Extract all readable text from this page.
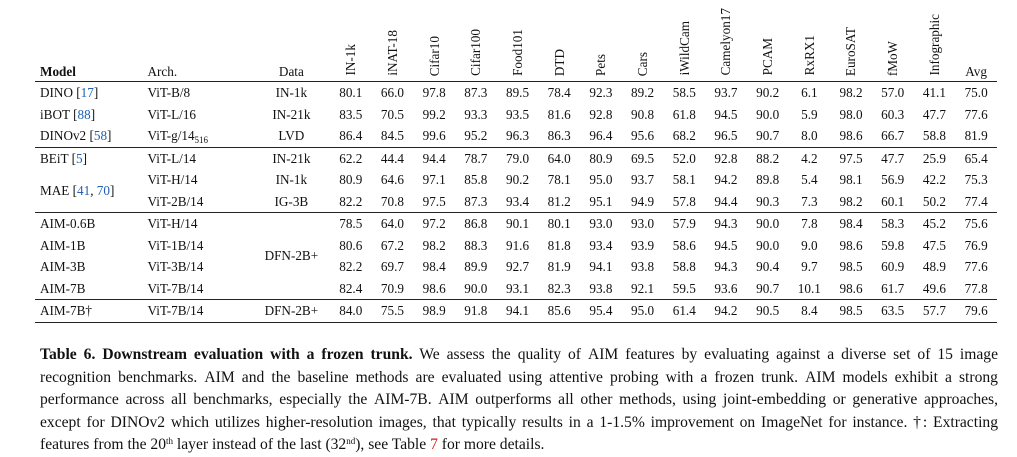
Model	Arch.	Data	IN-1k	iNAT-18	Cifar10	Cifar100	Food101	DTD	Pets	Cars	iWildCam	Camelyon17	PCAM	RxRX1	EuroSAT	fMoW	Infographic	Avg
DINO [17]	ViT-B/8	IN-1k	80.1	66.0	97.8	87.3	89.5	78.4	92.3	89.2	58.5	93.7	90.2	6.1	98.2	57.0	41.1	75.0
iBOT [88]	ViT-L/16	IN-21k	83.5	70.5	99.2	93.3	93.5	81.6	92.8	90.8	61.8	94.5	90.0	5.9	98.0	60.3	47.7	77.6
DINOv2 [58]	ViT-$g/14_{516}$	LVD	86.4	84.5	99.6	95.2	96.3	86.3	96.4	95.6	68.2	96.5	90.7	8.0	98.6	66.7	58.8	81.9
BEiT [5]	ViT-L/14	IN-21k	62.2	44.4	94.4	78.7	79.0	64.0	80.9	69.5	52.0	92.8	88.2	4.2	97.5	47.7	25.9	65.4
MAE [41, 70]	ViT-H/14	IN-1k	80.9	64.6	97.1	85.8	90.2	78.1	95.0	93.7	58.1	94.2	89.8	5.4	98.1	56.9	42.2	75.3
	ViT-2B/14	IG-3B	82.2	70.8	97.5	87.3	93.4	81.2	95.1	94.9	57.8	94.4	90.3	7.3	98.2	60.1	50.2	77.4
AIM-0.6B	ViT-H/14	DFN-2B+	78.5	64.0	97.2	86.8	90.1	80.1	93.0	93.0	57.9	94.3	90.0	7.8	98.4	58.3	45.2	75.6
AIM-1B	ViT-1B/14		80.6	67.2	98.2	88.3	91.6	81.8	93.4	93.9	58.6	94.5	90.0	9.0	98.6	59.8	47.5	76.9
AIM-3B	ViT-3B/14		82.2	69.7	98.4	89.9	92.7	81.9	94.1	93.8	58.8	94.3	90.4	9.7	98.5	60.9	48.9	77.6
AIM-7B	ViT-7B/14		82.4	70.9	98.6	90.0	93.1	82.3	93.8	92.1	59.5	93.6	90.7	10.1	98.6	61.7	49.6	77.8
AIM-7B†	ViT-7B/14	DFN-2B+	84.0	75.5	98.9	91.8	94.1	85.6	95.4	95.0	61.4	94.2	90.5	8.4	98.5	63.5	57.7	79.6
Table 6. Downstream evaluation with a frozen trunk. We assess the quality of AIM features by evaluating against a diverse set of 15 image recognition benchmarks. AIM and the baseline methods are evaluated using attentive probing with a frozen trunk. AIM models exhibit a strong performance across all benchmarks, especially the AIM-7B. AIM outperforms all other methods, using joint-embedding or generative approaches, except for DINOv2 which utilizes higher-resolution images, that typically results in a 1-1.5% improvement on ImageNet for instance. †: Extracting features from the 20th layer instead of the last (32nd), see Table 7 for more details.
